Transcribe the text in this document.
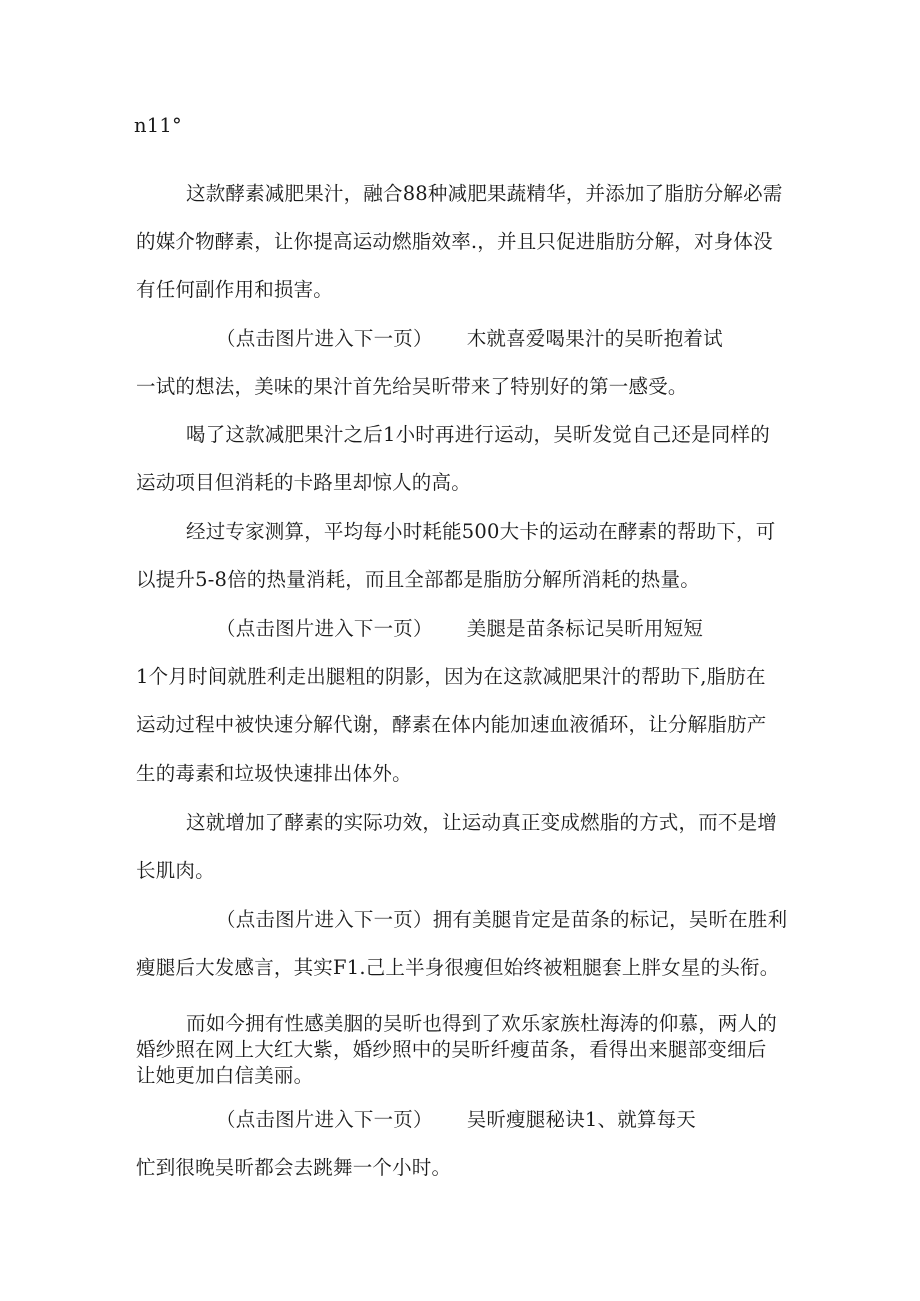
n11°
这款酵素减肥果汁，融合88种减肥果蔬精华，并添加了脂肪分解必需
的媒介物酵素，让你提高运动燃脂效率.，并且只促进脂肪分解，对身体没
有任何副作用和损害。
（点击图片进入下一页） 木就喜爱喝果汁的吴昕抱着试
一试的想法，美味的果汁首先给吴昕带来了特别好的第一感受。
喝了这款减肥果汁之后1小时再进行运动，吴昕发觉自己还是同样的
运动项目但消耗的卡路里却惊人的高。
经过专家测算，平均每小时耗能500大卡的运动在酵素的帮助下，可
以提升5-8倍的热量消耗，而且全部都是脂肪分解所消耗的热量。
（点击图片进入下一页） 美腿是苗条标记吴昕用短短
1个月时间就胜利走出腿粗的阴影，因为在这款减肥果汁的帮助下,脂肪在
运动过程中被快速分解代谢，酵素在体内能加速血液循环，让分解脂肪产
生的毒素和垃圾快速排出体外。
这就增加了酵素的实际功效，让运动真正变成燃脂的方式，而不是增
长肌肉。
（点击图片进入下一页）拥有美腿肯定是苗条的标记，吴昕在胜利
瘦腿后大发感言，其实F1.己上半身很瘦但始终被粗腿套上胖女星的头衔。
而如今拥有性感美胭的吴昕也得到了欢乐家族杜海涛的仰慕，两人的
婚纱照在网上大红大紫，婚纱照中的吴昕纤瘦苗条，看得出来腿部变细后
让她更加白信美丽。
（点击图片进入下一页） 吴昕瘦腿秘诀1、就算每天
忙到很晚吴昕都会去跳舞一个小时。
